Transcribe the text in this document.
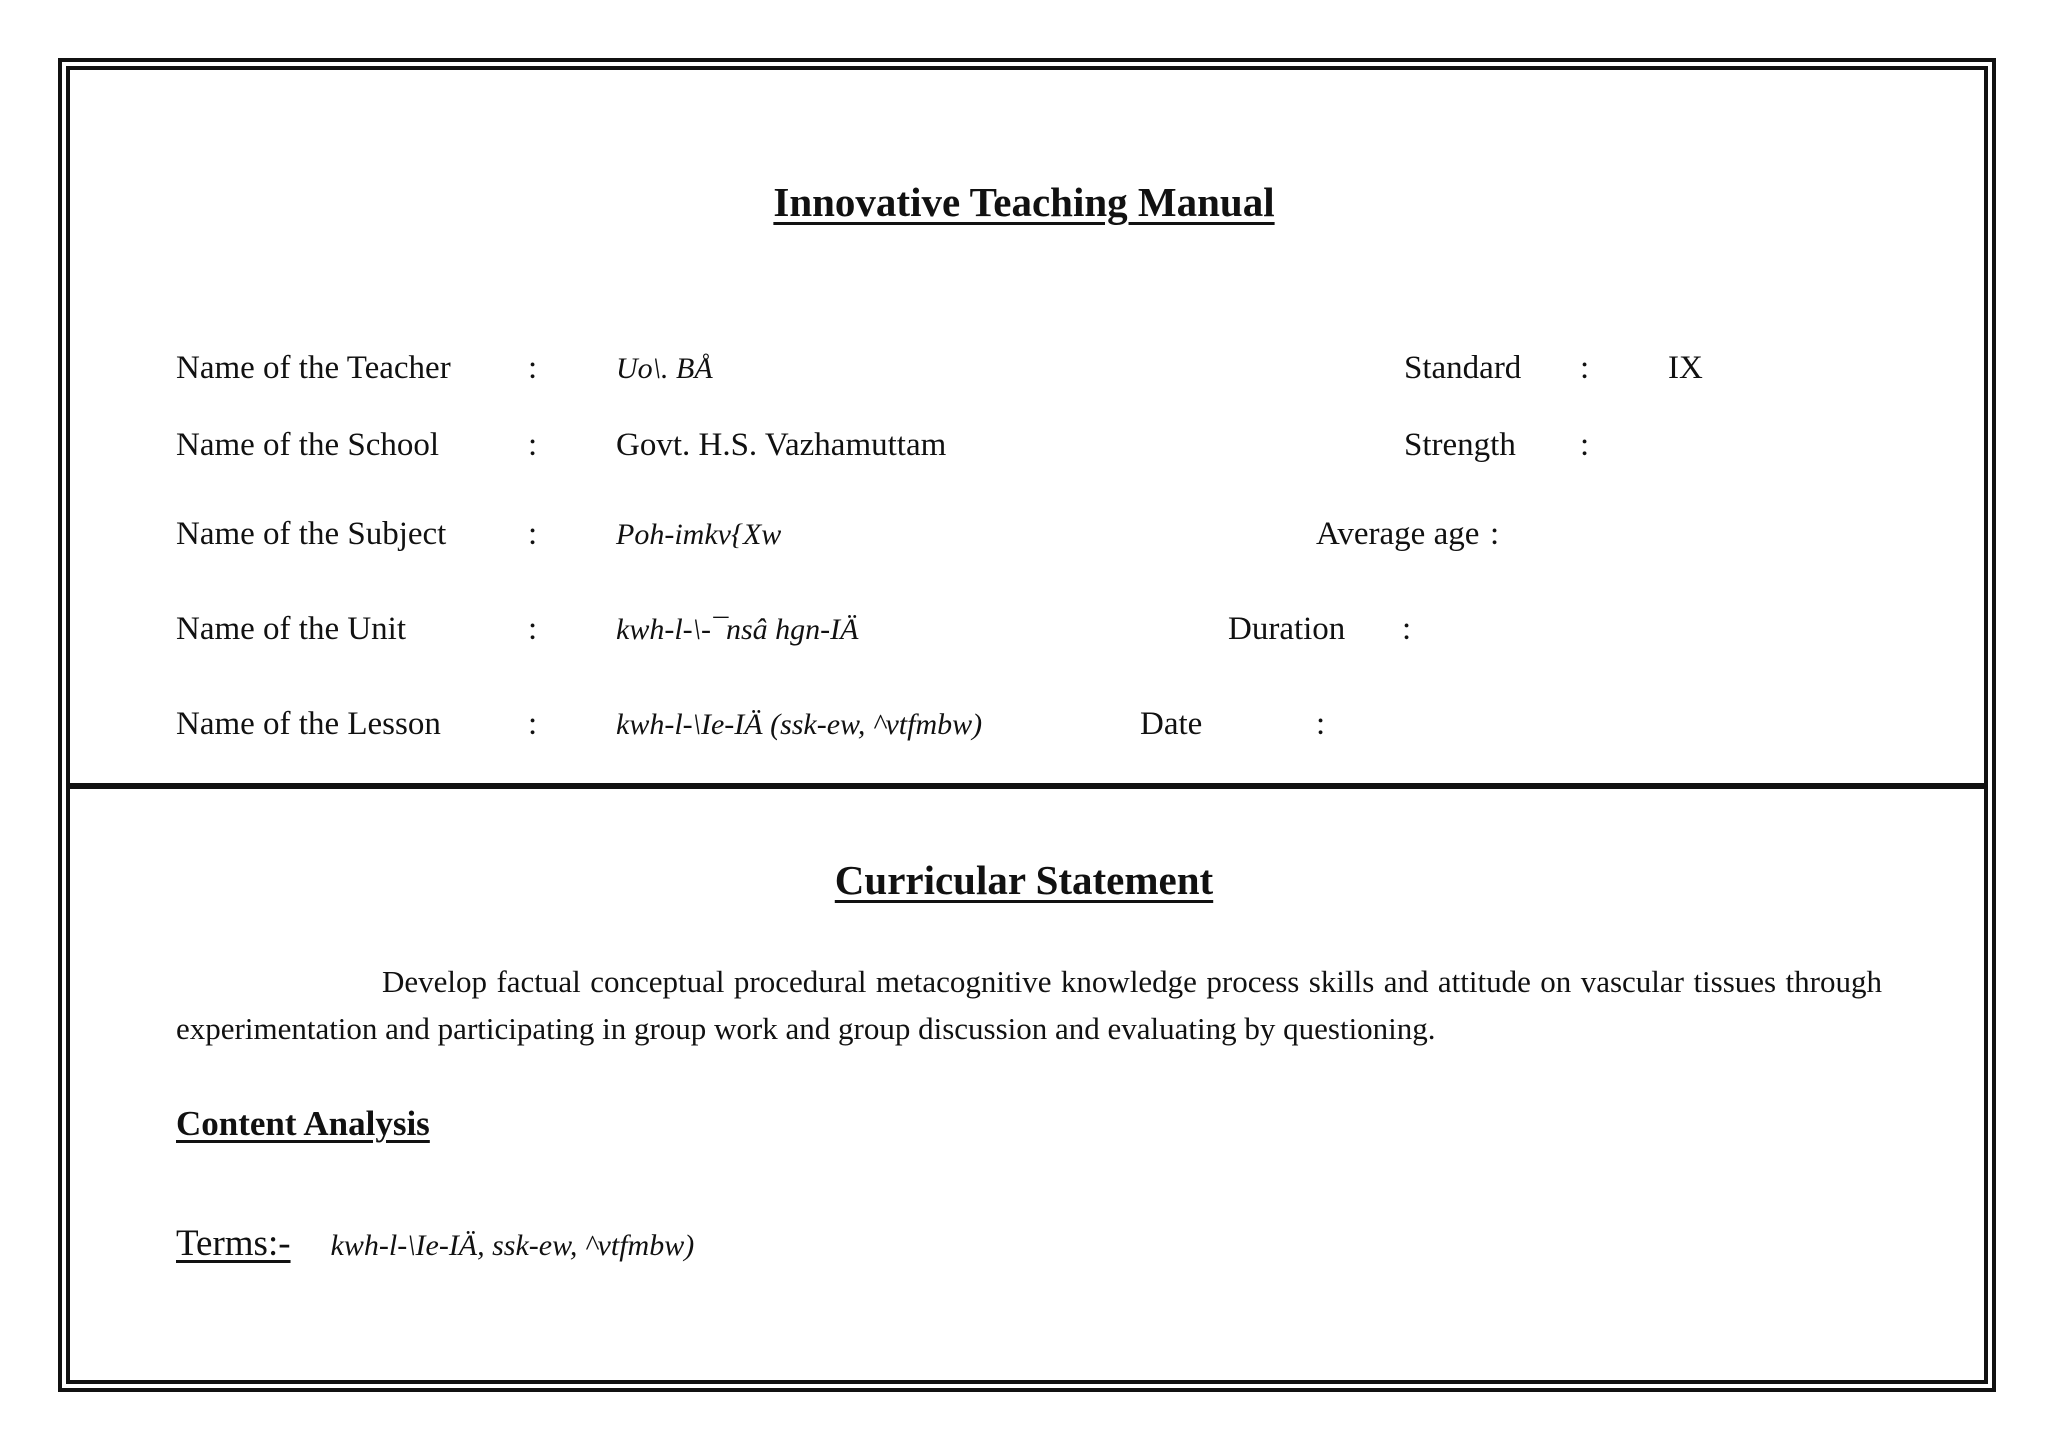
Innovative Teaching Manual
Name of the Teacher :	Uo\. BÅ	Standard : IX
Name of the School	: Govt. H.S. Vazhamuttam	Strength :
Name of the Subject :	Poh-imkv{Xw	Average age :
Name of the Unit	:	kwh-l-\-¯nsâ hgn-IÄ	Duration :
Name of the Lesson	:	kwh-l-\Ie-IÄ (ssk-ew, ^vtfmbw)	Date	:
Curricular Statement

Develop factual conceptual procedural metacognitive knowledge process skills and attitude on vascular tissues through experimentation and participating in group work and group discussion and evaluating by questioning.

Content Analysis
Terms:- kwh-l-\Ie-IÄ, ssk-ew, ^vtfmbw)
